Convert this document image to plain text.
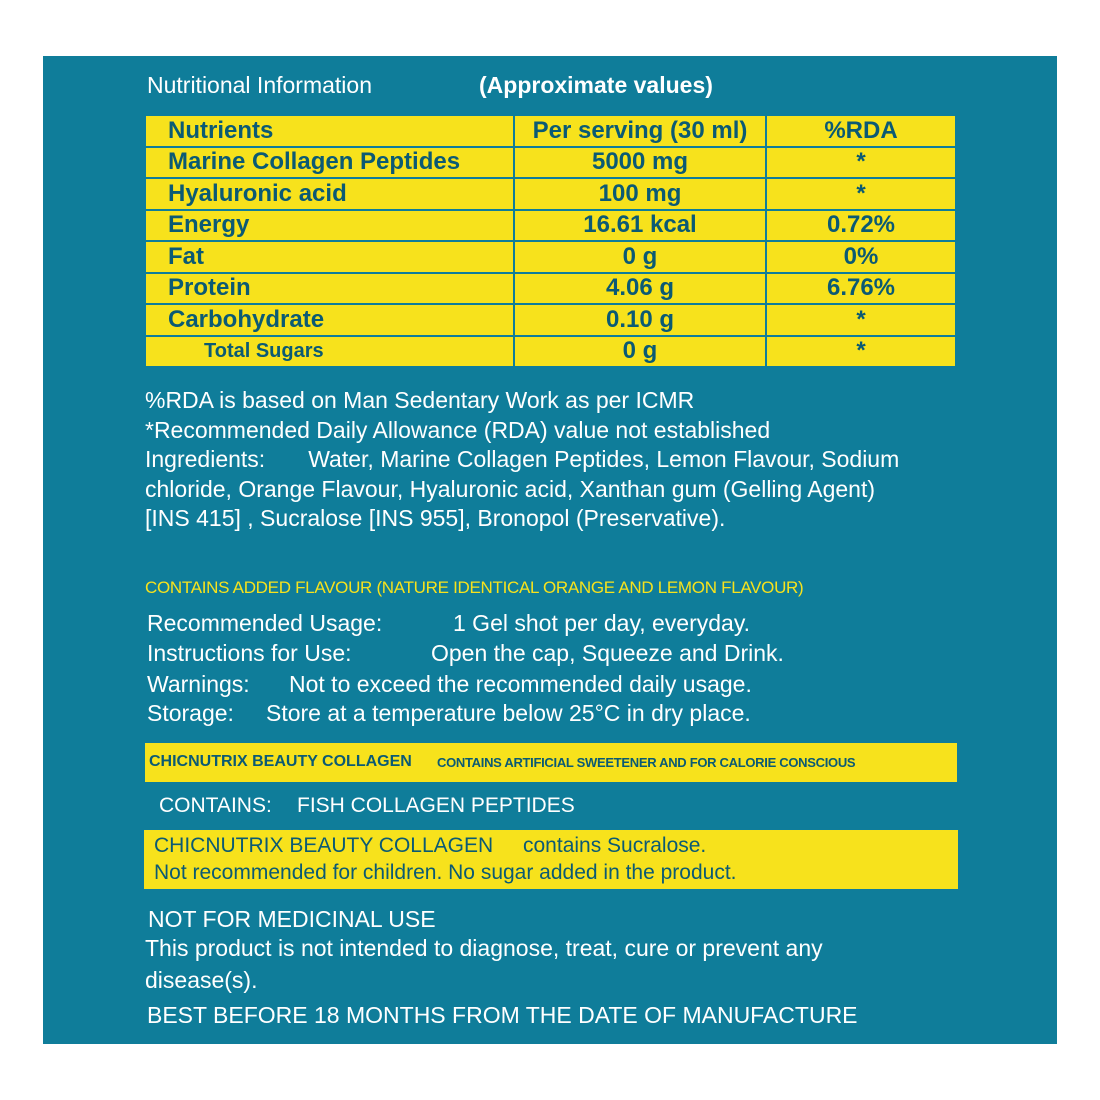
Nutritional Information	(Approximate values)
Nutrients	Per serving (30 ml)	%RDA
Marine Collagen Peptides	5000 mg	*
Hyaluronic acid	100 mg	*
Energy	16.61 kcal	0.72%
Fat	0 g	0%
Protein	4.06 g	6.76%
Carbohydrate	0.10 g	*
Total Sugars	0 g	*
%RDA is based on Man Sedentary Work as per ICMR
*Recommended Daily Allowance (RDA) value not established
Ingredients: Water, Marine Collagen Peptides, Lemon Flavour, Sodium chloride, Orange Flavour, Hyaluronic acid, Xanthan gum (Gelling Agent) [INS 415] , Sucralose [INS 955], Bronopol (Preservative).
CONTAINS ADDED FLAVOUR (NATURE IDENTICAL ORANGE AND LEMON FLAVOUR)
Recommended Usage:	1 Gel shot per day, everyday.
Instructions for Use:	Open the cap, Squeeze and Drink.
Warnings: Not to exceed the recommended daily usage.
Storage: Store at a temperature below 25°C in dry place.
CHICNUTRIX BEAUTY COLLAGEN CONTAINS ARTIFICIAL SWEETENER AND FOR CALORIE CONSCIOUS
CONTAINS: FISH COLLAGEN PEPTIDES
CHICNUTRIX BEAUTY COLLAGEN contains Sucralose.
Not recommended for children. No sugar added in the product.
NOT FOR MEDICINAL USE
This product is not intended to diagnose, treat, cure or prevent any disease(s).
BEST BEFORE 18 MONTHS FROM THE DATE OF MANUFACTURE
